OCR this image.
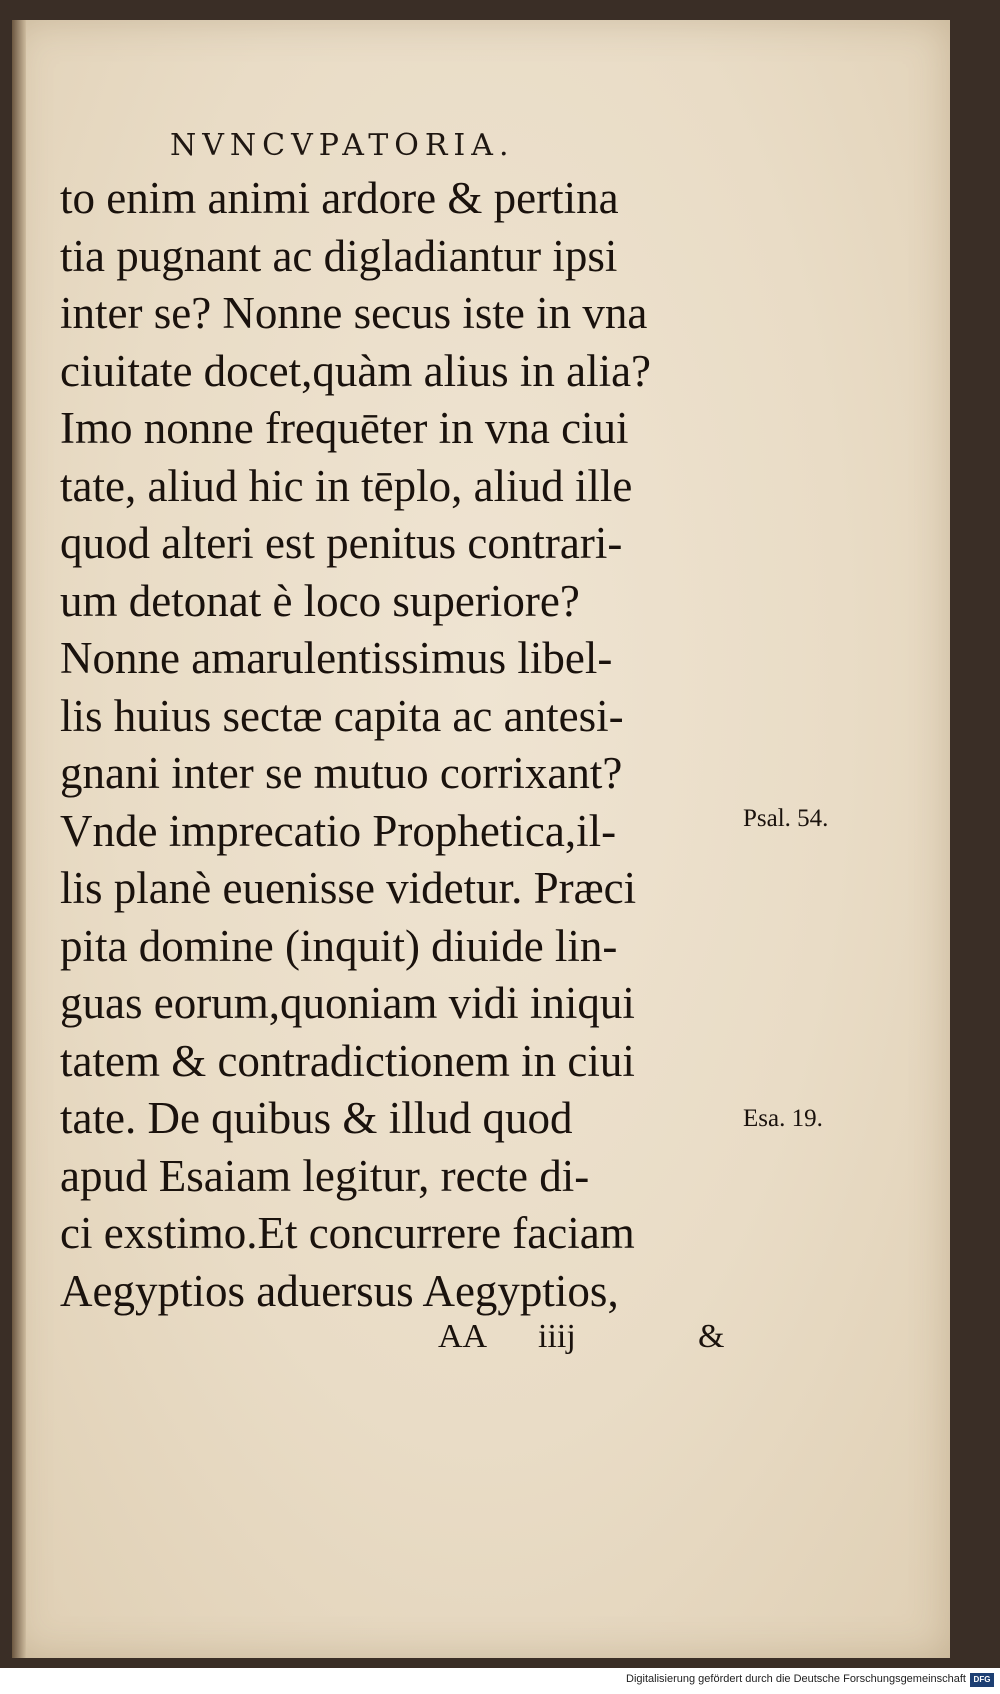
NVNCVPATORIA.
to enim animi ardore & pertina
tia pugnant ac digladiantur ipsi
inter se? Nonne secus iste in vna
ciuitate docet,quàm alius in alia?
Imo nonne frequēter in vna ciui
tate, aliud hic in tēplo, aliud ille
quod alteri est penitus contrari-
um detonat è loco superiore?
Nonne amarulentissimus libel-
lis huius sectæ capita ac antesi-
gnani inter se mutuo corrixant?
Vnde imprecatio Prophetica,il-
lis planè euenisse videtur. Præci
pita domine (inquit) diuide lin-
guas eorum,quoniam vidi iniqui
tatem & contradictionem in ciui
tate. De quibus & illud quod
apud Esaiam legitur, recte di-
ci exstimo.Et concurrere faciam
Aegyptios aduersus Aegyptios,
Psal. 54.
Esa. 19.
AA iiij	&
Digitalisierung gefördert durch die Deutsche Forschungsgemeinschaft DFG
